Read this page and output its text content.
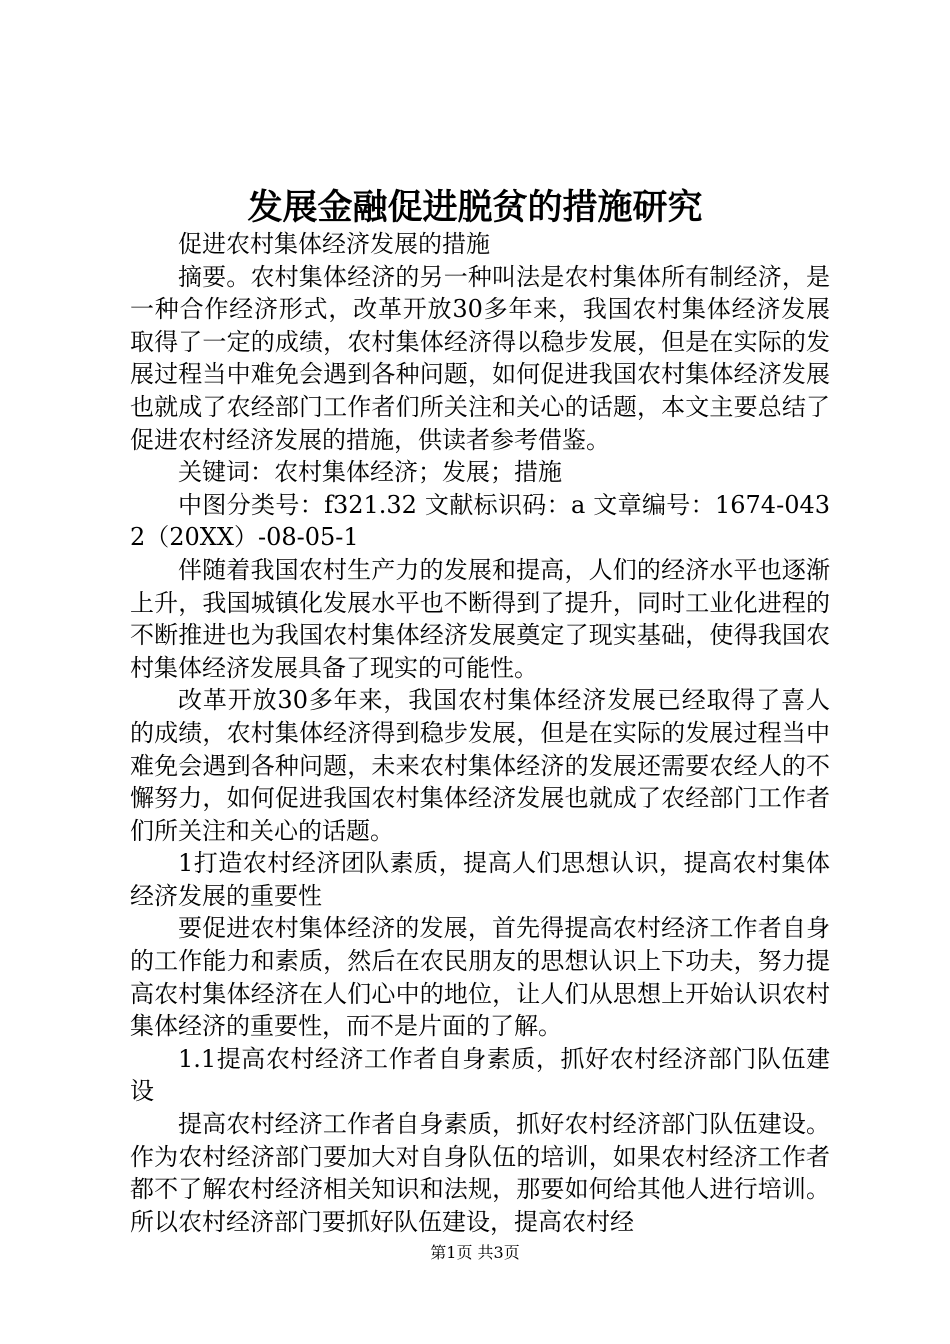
发展金融促进脱贫的措施研究

促进农村集体经济发展的措施

摘要。农村集体经济的另一种叫法是农村集体所有制经济，是一种合作经济形式，改革开放30多年来，我国农村集体经济发展取得了一定的成绩，农村集体经济得以稳步发展，但是在实际的发展过程当中难免会遇到各种问题，如何促进我国农村集体经济发展也就成了农经部门工作者们所关注和关心的话题，本文主要总结了促进农村经济发展的措施，供读者参考借鉴。

关键词：农村集体经济；发展；措施

中图分类号：f321.32 文献标识码：a 文章编号：1674-0432（20XX）-08-05-1

伴随着我国农村生产力的发展和提高，人们的经济水平也逐渐上升，我国城镇化发展水平也不断得到了提升，同时工业化进程的不断推进也为我国农村集体经济发展奠定了现实基础，使得我国农村集体经济发展具备了现实的可能性。

改革开放30多年来，我国农村集体经济发展已经取得了喜人的成绩，农村集体经济得到稳步发展，但是在实际的发展过程当中难免会遇到各种问题，未来农村集体经济的发展还需要农经人的不懈努力，如何促进我国农村集体经济发展也就成了农经部门工作者们所关注和关心的话题。

1打造农村经济团队素质，提高人们思想认识，提高农村集体经济发展的重要性

要促进农村集体经济的发展，首先得提高农村经济工作者自身的工作能力和素质，然后在农民朋友的思想认识上下功夫，努力提高农村集体经济在人们心中的地位，让人们从思想上开始认识农村集体经济的重要性，而不是片面的了解。

1.1提高农村经济工作者自身素质，抓好农村经济部门队伍建设

提高农村经济工作者自身素质，抓好农村经济部门队伍建设。作为农村经济部门要加大对自身队伍的培训，如果农村经济工作者都不了解农村经济相关知识和法规，那要如何给其他人进行培训。所以农村经济部门要抓好队伍建设，提高农村经

第1页 共3页
